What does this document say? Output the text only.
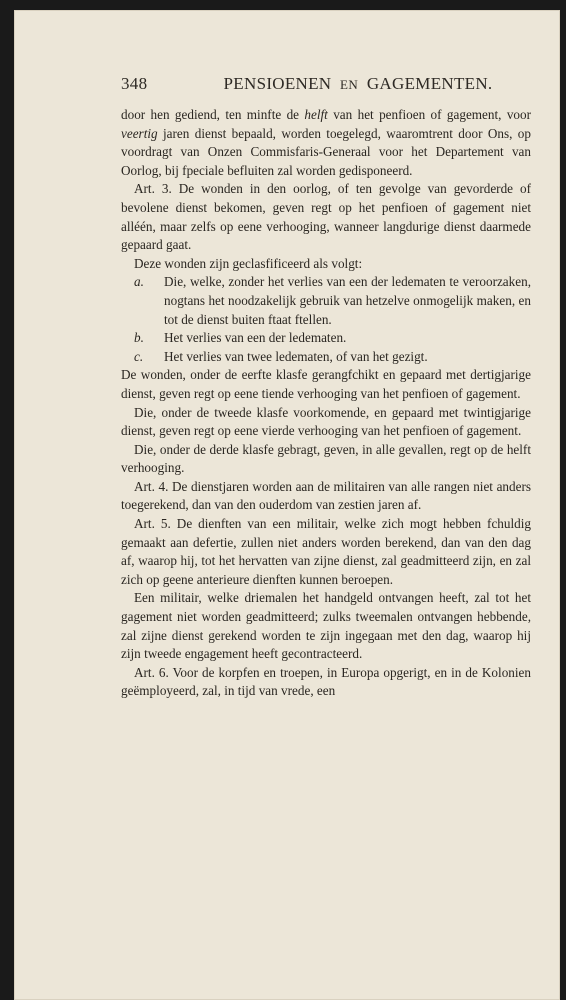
348	PENSIOENEN EN GAGEMENTEN.

door hen gediend, ten minfte de helft van het penfioen of gagement, voor veertig jaren dienst bepaald, worden toegelegd, waaromtrent door Ons, op voordragt van Onzen Commisfaris-Generaal voor het Departement van Oorlog, bij fpeciale befluiten zal worden gedisponeerd.

Art. 3. De wonden in den oorlog, of ten gevolge van gevorderde of bevolene dienst bekomen, geven regt op het penfioen of gagement niet alléén, maar zelfs op eene verhooging, wanneer langdurige dienst daarmede gepaard gaat.

Deze wonden zijn geclasfificeerd als volgt:

a.	Die, welke, zonder het verlies van een der ledematen te veroorzaken, nogtans het noodzakelijk gebruik van hetzelve onmogelijk maken, en tot de dienst buiten ftaat ftellen.
b.	Het verlies van een der ledematen.
c.	Het verlies van twee ledematen, of van het gezigt.

De wonden, onder de eerfte klasfe gerangfchikt en gepaard met dertigjarige dienst, geven regt op eene tiende verhooging van het penfioen of gagement.

Die, onder de tweede klasfe voorkomende, en gepaard met twintigjarige dienst, geven regt op eene vierde verhooging van het penfioen of gagement.

Die, onder de derde klasfe gebragt, geven, in alle gevallen, regt op de helft verhooging.

Art. 4. De dienstjaren worden aan de militairen van alle rangen niet anders toegerekend, dan van den ouderdom van zestien jaren af.

Art. 5. De dienften van een militair, welke zich mogt hebben fchuldig gemaakt aan defertie, zullen niet anders worden berekend, dan van den dag af, waarop hij, tot het hervatten van zijne dienst, zal geadmitteerd zijn, en zal zich op geene anterieure dienften kunnen beroepen.

Een militair, welke driemalen het handgeld ontvangen heeft, zal tot het gagement niet worden geadmitteerd; zulks tweemalen ontvangen hebbende, zal zijne dienst gerekend worden te zijn ingegaan met den dag, waarop hij zijn tweede engagement heeft gecontracteerd.

Art. 6. Voor de korpfen en troepen, in Europa opgerigt, en in de Kolonien geëmployeerd, zal, in tijd van vrede, een
